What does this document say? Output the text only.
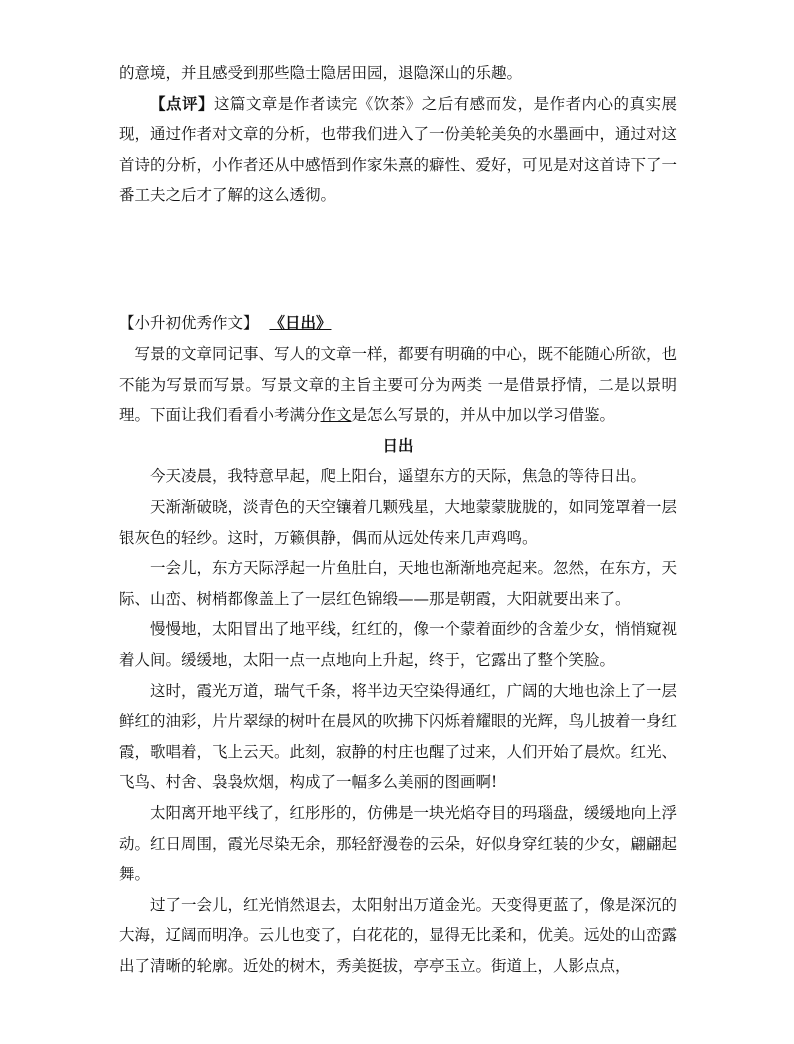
的意境，并且感受到那些隐士隐居田园，退隐深山的乐趣。

【点评】这篇文章是作者读完《饮茶》之后有感而发，是作者内心的真实展现，通过作者对文章的分析，也带我们进入了一份美轮美奂的水墨画中，通过对这首诗的分析，小作者还从中感悟到作家朱熹的癖性、爱好，可见是对这首诗下了一番工夫之后才了解的这么透彻。

【小升初优秀作文】 《日出》

写景的文章同记事、写人的文章一样，都要有明确的中心，既不能随心所欲，也不能为写景而写景。写景文章的主旨主要可分为两类 一是借景抒情，二是以景明理。下面让我们看看小考满分作文是怎么写景的，并从中加以学习借鉴。

日出

今天凌晨，我特意早起，爬上阳台，遥望东方的天际，焦急的等待日出。

天渐渐破晓，淡青色的天空镶着几颗残星，大地蒙蒙胧胧的，如同笼罩着一层银灰色的轻纱。这时，万籁俱静，偶而从远处传来几声鸡鸣。

一会儿，东方天际浮起一片鱼肚白，天地也渐渐地亮起来。忽然，在东方，天际、山峦、树梢都像盖上了一层红色锦缎——那是朝霞，大阳就要出来了。

慢慢地，太阳冒出了地平线，红红的，像一个蒙着面纱的含羞少女，悄悄窥视着人间。缓缓地，太阳一点一点地向上升起，终于，它露出了整个笑脸。

这时，霞光万道，瑞气千条，将半边天空染得通红，广阔的大地也涂上了一层鲜红的油彩，片片翠绿的树叶在晨风的吹拂下闪烁着耀眼的光辉，鸟儿披着一身红霞，歌唱着，飞上云天。此刻，寂静的村庄也醒了过来，人们开始了晨炊。红光、飞鸟、村舍、袅袅炊烟，构成了一幅多么美丽的图画啊!

太阳离开地平线了，红彤彤的，仿佛是一块光焰夺目的玛瑙盘，缓缓地向上浮动。红日周围，霞光尽染无余，那轻舒漫卷的云朵，好似身穿红装的少女，翩翩起舞。

过了一会儿，红光悄然退去，太阳射出万道金光。天变得更蓝了，像是深沉的大海，辽阔而明净。云儿也变了，白花花的，显得无比柔和，优美。远处的山峦露出了清晰的轮廓。近处的树木，秀美挺拔，亭亭玉立。街道上，人影点点，
